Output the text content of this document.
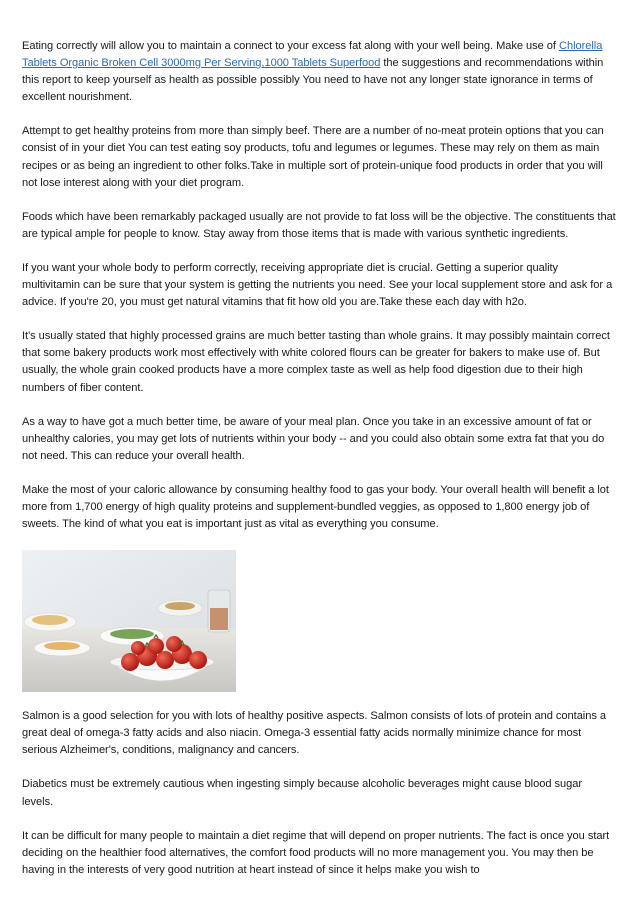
Eating correctly will allow you to maintain a connect to your excess fat along with your well being. Make use of Chlorella Tablets Organic Broken Cell 3000mg Per Serving,1000 Tablets Superfood the suggestions and recommendations within this report to keep yourself as health as possible possibly You need to have not any longer state ignorance in terms of excellent nourishment.

Attempt to get healthy proteins from more than simply beef. There are a number of no-meat protein options that you can consist of in your diet You can test eating soy products, tofu and legumes or legumes. These may rely on them as main recipes or as being an ingredient to other folks.Take in multiple sort of protein-unique food products in order that you will not lose interest along with your diet program.

Foods which have been remarkably packaged usually are not provide to fat loss will be the objective. The constituents that are typical ample for people to know. Stay away from those items that is made with various synthetic ingredients.

If you want your whole body to perform correctly, receiving appropriate diet is crucial. Getting a superior quality multivitamin can be sure that your system is getting the nutrients you need. See your local supplement store and ask for a advice. If you're 20, you must get natural vitamins that fit how old you are.Take these each day with h2o.

It's usually stated that highly processed grains are much better tasting than whole grains. It may possibly maintain correct that some bakery products work most effectively with white colored flours can be greater for bakers to make use of. But usually, the whole grain cooked products have a more complex taste as well as help food digestion due to their high numbers of fiber content.

As a way to have got a much better time, be aware of your meal plan. Once you take in an excessive amount of fat or unhealthy calories, you may get lots of nutrients within your body -- and you could also obtain some extra fat that you do not need. This can reduce your overall health.

Make the most of your caloric allowance by consuming healthy food to gas your body. Your overall health will benefit a lot more from 1,700 energy of high quality proteins and supplement-bundled veggies, as opposed to 1,800 energy job of sweets. The kind of what you eat is important just as vital as everything you consume.

Salmon is a good selection for you with lots of healthy positive aspects. Salmon consists of lots of protein and contains a great deal of omega-3 fatty acids and also niacin. Omega-3 essential fatty acids normally minimize chance for most serious Alzheimer's, conditions, malignancy and cancers.

Diabetics must be extremely cautious when ingesting simply because alcoholic beverages might cause blood sugar levels.

It can be difficult for many people to maintain a diet regime that will depend on proper nutrients. The fact is once you start deciding on the healthier food alternatives, the comfort food products will no more management you. You may then be having in the interests of very good nutrition at heart instead of since it helps make you wish to
